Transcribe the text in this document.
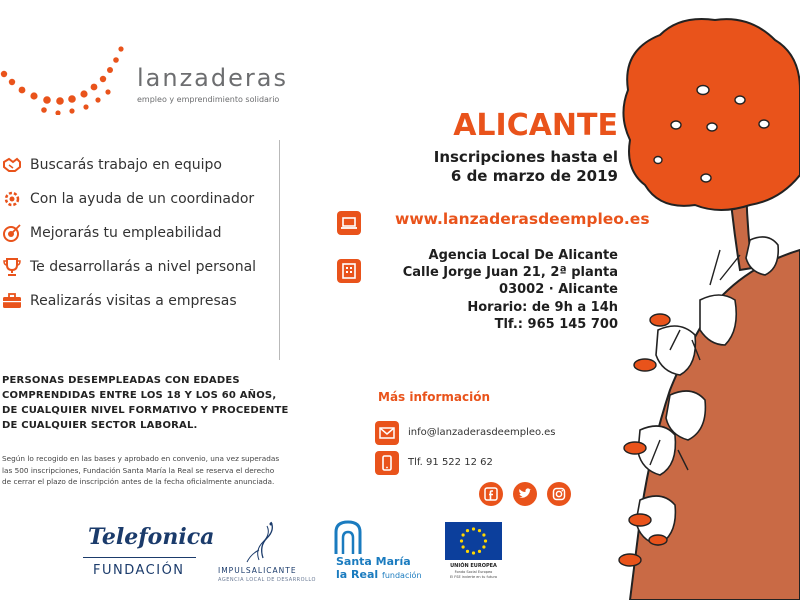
lanzaderas
empleo y emprendimiento solidario
Buscarás trabajo en equipo
Con la ayuda de un coordinador
Mejorarás tu empleabilidad
Te desarrollarás a nivel personal
Realizarás visitas a empresas
PERSONAS DESEMPLEADAS CON EDADES
COMPRENDIDAS ENTRE LOS 18 Y LOS 60 AÑOS,
DE CUALQUIER NIVEL FORMATIVO Y PROCEDENTE
DE CUALQUIER SECTOR LABORAL.
Según lo recogido en las bases y aprobado en convenio, una vez superadas
las 500 inscripciones, Fundación Santa María la Real se reserva el derecho
de cerrar el plazo de inscripción antes de la fecha oficialmente anunciada.
ALICANTE
Inscripciones hasta el
6 de marzo de 2019
www.lanzaderasdeempleo.es
Agencia Local De Alicante
Calle Jorge Juan 21, 2ª planta
03002 · Alicante
Horario: de 9h a 14h
Tlf.: 965 145 700
Más información
info@lanzaderasdeempleo.es
Tlf. 91 522 12 62
Telefonica
FUNDACIÓN	IMPULSALICANTE
AGENCIA LOCAL DE DESARROLLO
Santa María
la Real fundación
UNIÓN EUROPEA
Fondo Social Europeo
El FSE invierte en tu futuro
